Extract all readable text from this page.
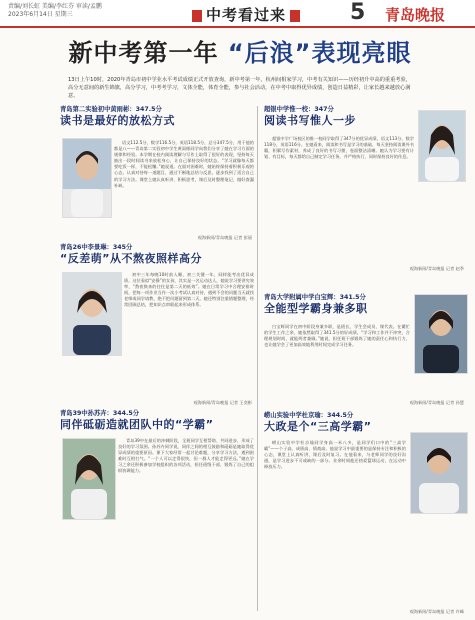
责编/刘长虹 美编/李红芬 审读/孟鹏
2023年6月14日 星期三	中考看过来	5 青岛晚报
新中考第一年 “后浪”表现亮眼
13日上午10时，2020年青岛市初中学业水平考试成绩正式开放查询，新中考第一年，杭州间相家学习，中考有关知识——历经初升中高的重重考验，高分无意间的新生锦旗，高分学习，中考考学习，文体全能，体育全能，参与社会活动，在中考中取得优异成绩，创造日益精彩，让家长越来越放心满意。
青岛第二实验初中黄雨彬：347.5分
读书是最好的放松方式
语文112.5分，数学116.5分，英语118.5分，总分347.5分，用于他的都是八——青岛第二实验初中学生黄雨彬同学向我们分享了她在学习方面的规律和经验。本学期在校内阅读理解与写作上取得了很好的表现，坚持每天抽出一段时间读书来放松身心，让自己保持良好的状态。“学习就像每天都要吃饭一样，不能松懈。”她说道。在面对困难时，她始终保持着积极乐观的心态，认真对待每一道题目，通过不断地总结与反思，逐步找到了适合自己的学习方法。课堂上她认真听讲、积极思考，课后及时整理笔记，做好查漏补缺。
观海新闻/青岛晚报 记者 彭丽
青岛26中李景琳：345分
“反差萌”从不熬夜照样高分
初中三年每晚10时前入睡，初三关键一年，同样能考出优异成绩。这位看似“安静”的女孩，其实是一名运动达人，她说学习要讲究效率，“熬夜换来的往往是第二天的低效”。她在日常学习中合理安排时间，把每一项作业当作一次小考试认真对待，遇到不会的问题当天就找老师或同学请教，绝不把问题留到第二天。她还特别注重错题整理，经常回顾总结，把知识点串联起来形成体系。
观海新闻/青岛晚报 记者 王奕彬
青岛39中孙苏卉：344.5分
同伴砥砺造就团队中的“学霸”
青岛39中在最后的冲刺阶段，全班同学互相帮助、共同进步，形成了良好的学习氛围。孙苏卉同学说，同伴之间的相互鼓励和砥砺是她取得优异成绩的重要原因。课下大家经常一起讨论难题，分享学习方法，遇到困难时互相打气。“一个人可以走得很快，但一群人才能走得更远。”她在学习之余还积极参加学校组织的各项活动，担任班级干部，锻炼了自己的组织协调能力。
超银中学惟一校：347分
阅读书写惟人一步
超银中学广场校区的惟一校同学取得了347分的优异成绩。语文113分，数学118分，英语116分。在她看来，阅读和书写是学习的基础，每天坚持阅读课外书籍，积累写作素材，养成了良好的书写习惯，卷面整洁清晰。她认为学习要有计划、有目标，每天都给自己制定学习任务，并严格执行，同时保持良好的作息。
观海新闻/青岛晚报 记者 赵季
青岛大学附属中学白宝辉：341.5分
全能型学霸身兼多职
白宝辉同学在初中阶段身兼多职，是班长、学生会成员、课代表。在繁忙的学生工作之余，她依然取得了341.5分的好成绩。“学习和工作并不冲突，合理规划时间，就能两者兼顾。”她说，担任班干部锻炼了她的责任心和执行力，也让她学会了更加高效地利用时间完成学习任务。
观海新闻/青岛晚报 记者 孙慧
崂山实验中学杜京瑜：344.5分
大政是个“三高学霸”
崂山实验中学杜京瑜同学身高一米八多，是同学们口中的“三高学霸”——个子高、成绩高、情商高。他说学习中最重要的是保持专注和积极的心态，课堂上认真听讲，课后及时复习。在他看来，与老师同学的良好沟通，是学习进步不可或缺的一部分。业余时间他还热爱篮球运动，在运动中释放压力。
观海新闻/青岛晚报 记者 许峰
